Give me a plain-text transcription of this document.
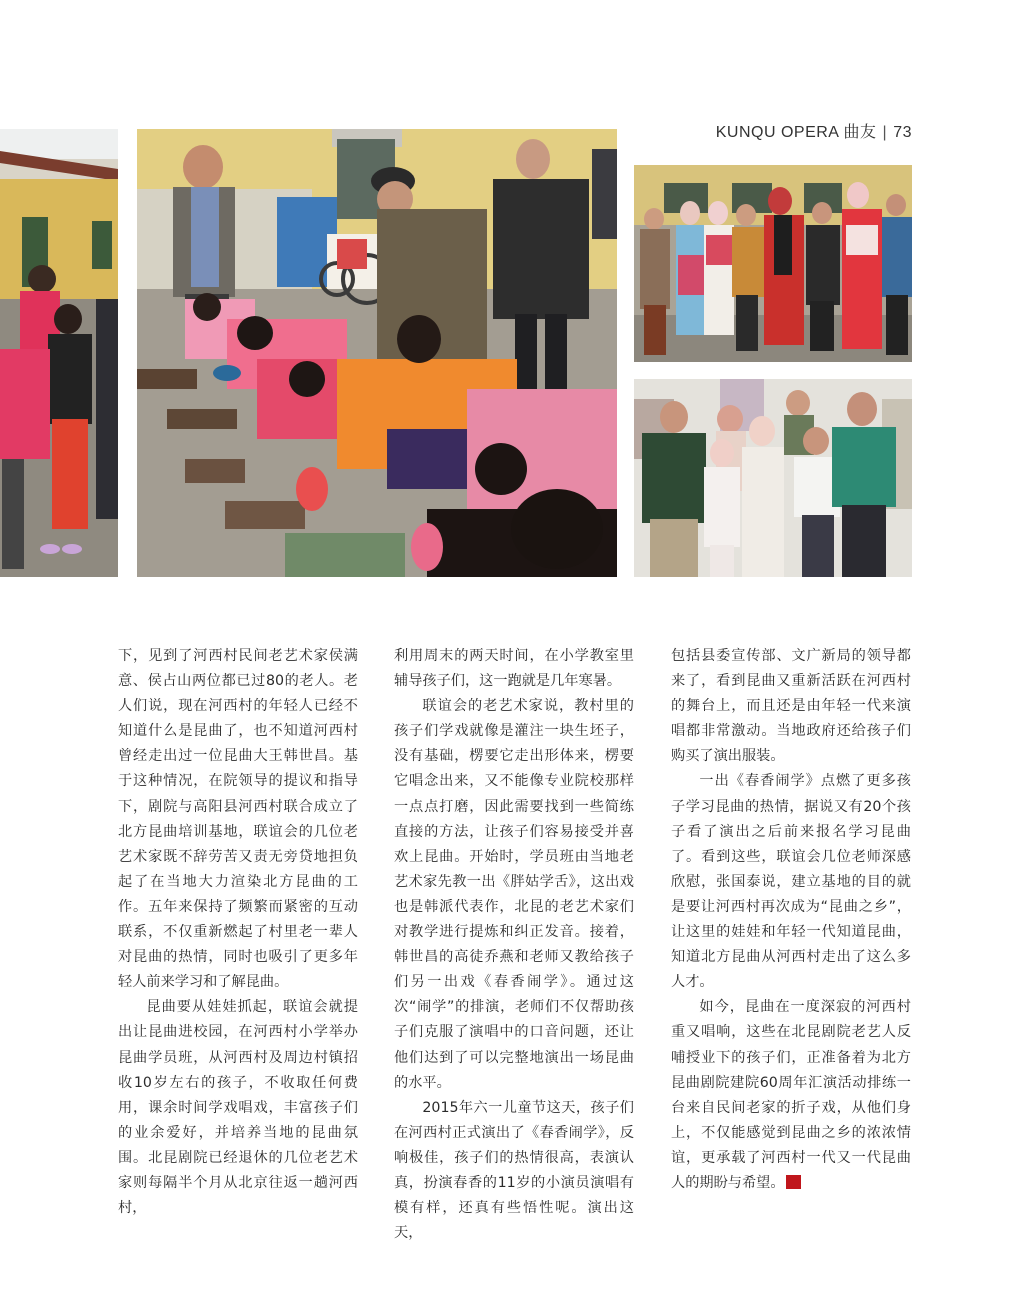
KUNQU OPERA 曲友 | 73

下，见到了河西村民间老艺术家侯满意、侯占山两位都已过80的老人。老人们说，现在河西村的年轻人已经不知道什么是昆曲了，也不知道河西村曾经走出过一位昆曲大王韩世昌。基于这种情况，在院领导的提议和指导下，剧院与高阳县河西村联合成立了北方昆曲培训基地，联谊会的几位老艺术家既不辞劳苦又责无旁贷地担负起了在当地大力渲染北方昆曲的工作。五年来保持了频繁而紧密的互动联系，不仅重新燃起了村里老一辈人对昆曲的热情，同时也吸引了更多年轻人前来学习和了解昆曲。

昆曲要从娃娃抓起，联谊会就提出让昆曲进校园，在河西村小学举办昆曲学员班，从河西村及周边村镇招收10岁左右的孩子，不收取任何费用，课余时间学戏唱戏，丰富孩子们的业余爱好，并培养当地的昆曲氛围。北昆剧院已经退休的几位老艺术家则每隔半个月从北京往返一趟河西村，

利用周末的两天时间，在小学教室里辅导孩子们，这一跑就是几年寒暑。

联谊会的老艺术家说，教村里的孩子们学戏就像是灌注一块生坯子，没有基础，楞要它走出形体来，楞要它唱念出来，又不能像专业院校那样一点点打磨，因此需要找到一些简练直接的方法，让孩子们容易接受并喜欢上昆曲。开始时，学员班由当地老艺术家先教一出《胖姑学舌》，这出戏也是韩派代表作，北昆的老艺术家们对教学进行提炼和纠正发音。接着，韩世昌的高徒乔燕和老师又教给孩子们另一出戏《春香闹学》。通过这次“闹学”的排演，老师们不仅帮助孩子们克服了演唱中的口音问题，还让他们达到了可以完整地演出一场昆曲的水平。

2015年六一儿童节这天，孩子们在河西村正式演出了《春香闹学》，反响极佳，孩子们的热情很高，表演认真，扮演春香的11岁的小演员演唱有模有样，还真有些悟性呢。演出这天，

包括县委宣传部、文广新局的领导都来了，看到昆曲又重新活跃在河西村的舞台上，而且还是由年轻一代来演唱都非常激动。当地政府还给孩子们购买了演出服装。

一出《春香闹学》点燃了更多孩子学习昆曲的热情，据说又有20个孩子看了演出之后前来报名学习昆曲了。看到这些，联谊会几位老师深感欣慰，张国泰说，建立基地的目的就是要让河西村再次成为“昆曲之乡”，让这里的娃娃和年轻一代知道昆曲，知道北方昆曲从河西村走出了这么多人才。

如今，昆曲在一度深寂的河西村重又唱响，这些在北昆剧院老艺人反哺授业下的孩子们，正准备着为北方昆曲剧院建院60周年汇演活动排练一台来自民间老家的折子戏，从他们身上，不仅能感觉到昆曲之乡的浓浓情谊，更承载了河西村一代又一代昆曲人的期盼与希望。
